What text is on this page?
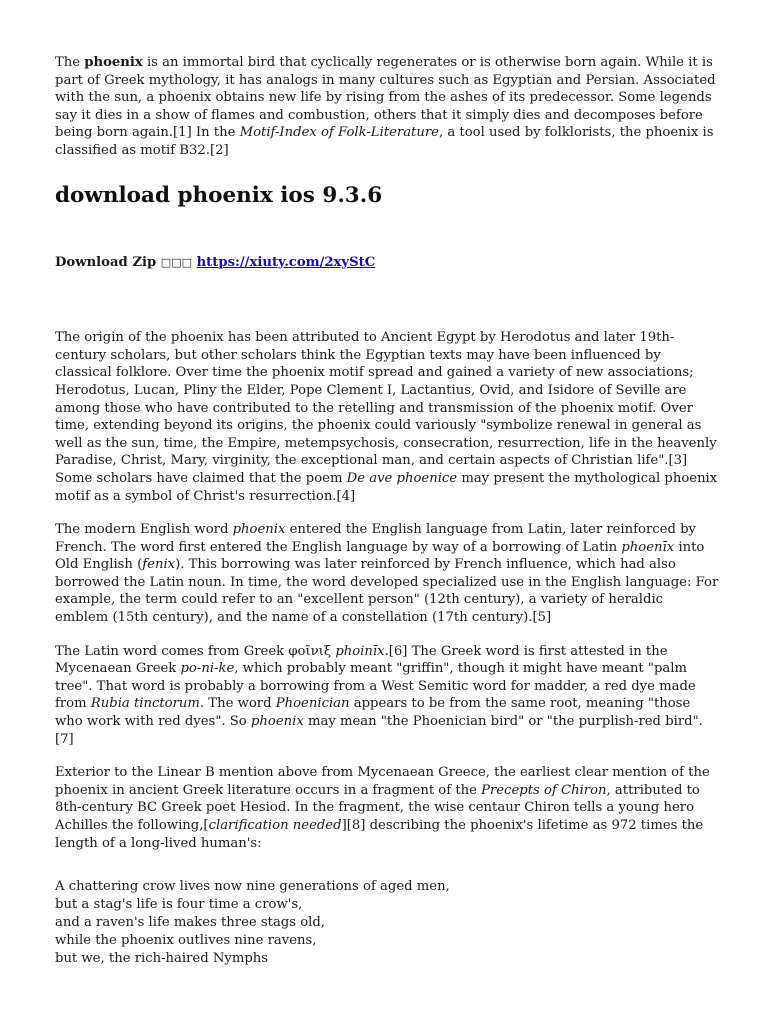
The phoenix is an immortal bird that cyclically regenerates or is otherwise born again. While it is part of Greek mythology, it has analogs in many cultures such as Egyptian and Persian. Associated with the sun, a phoenix obtains new life by rising from the ashes of its predecessor. Some legends say it dies in a show of flames and combustion, others that it simply dies and decomposes before being born again.[1] In the Motif-Index of Folk-Literature, a tool used by folklorists, the phoenix is classified as motif B32.[2]

download phoenix ios 9.3.6
Download Zip □□□ https://xiuty.com/2xyStC

The origin of the phoenix has been attributed to Ancient Egypt by Herodotus and later 19th-century scholars, but other scholars think the Egyptian texts may have been influenced by classical folklore. Over time the phoenix motif spread and gained a variety of new associations; Herodotus, Lucan, Pliny the Elder, Pope Clement I, Lactantius, Ovid, and Isidore of Seville are among those who have contributed to the retelling and transmission of the phoenix motif. Over time, extending beyond its origins, the phoenix could variously "symbolize renewal in general as well as the sun, time, the Empire, metempsychosis, consecration, resurrection, life in the heavenly Paradise, Christ, Mary, virginity, the exceptional man, and certain aspects of Christian life".[3] Some scholars have claimed that the poem De ave phoenice may present the mythological phoenix motif as a symbol of Christ's resurrection.[4]

The modern English word phoenix entered the English language from Latin, later reinforced by French. The word first entered the English language by way of a borrowing of Latin phoenīx into Old English (fenix). This borrowing was later reinforced by French influence, which had also borrowed the Latin noun. In time, the word developed specialized use in the English language: For example, the term could refer to an "excellent person" (12th century), a variety of heraldic emblem (15th century), and the name of a constellation (17th century).[5]

The Latin word comes from Greek φοῖνιξ phoinīx.[6] The Greek word is first attested in the Mycenaean Greek po-ni-ke, which probably meant "griffin", though it might have meant "palm tree". That word is probably a borrowing from a West Semitic word for madder, a red dye made from Rubia tinctorum. The word Phoenician appears to be from the same root, meaning "those who work with red dyes". So phoenix may mean "the Phoenician bird" or "the purplish-red bird".[7]

Exterior to the Linear B mention above from Mycenaean Greece, the earliest clear mention of the phoenix in ancient Greek literature occurs in a fragment of the Precepts of Chiron, attributed to 8th-century BC Greek poet Hesiod. In the fragment, the wise centaur Chiron tells a young hero Achilles the following,[clarification needed][8] describing the phoenix's lifetime as 972 times the length of a long-lived human's:

A chattering crow lives now nine generations of aged men,
but a stag's life is four time a crow's,
and a raven's life makes three stags old,
while the phoenix outlives nine ravens,
but we, the rich-haired Nymphs
